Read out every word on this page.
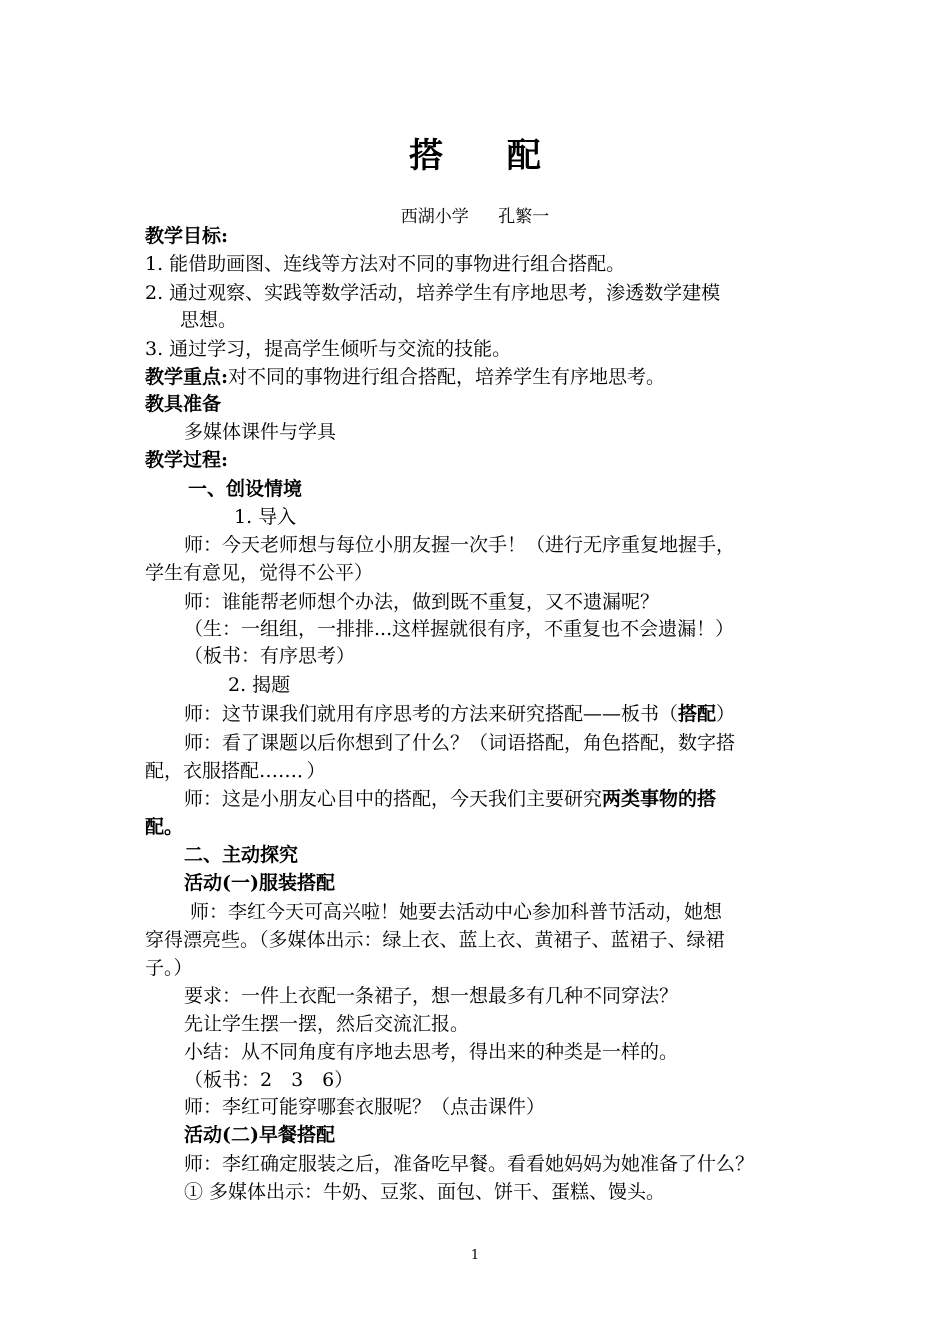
搭 配
西湖小学 孔繁一
教学目标:
1. 能借助画图、连线等方法对不同的事物进行组合搭配。
2. 通过观察、实践等数学活动，培养学生有序地思考，渗透数学建模
思想。
3. 通过学习，提高学生倾听与交流的技能。
教学重点:对不同的事物进行组合搭配，培养学生有序地思考。
教具准备
多媒体课件与学具
教学过程:
一、创设情境
1. 导入
师：今天老师想与每位小朋友握一次手！（进行无序重复地握手，
学生有意见，觉得不公平）
师：谁能帮老师想个办法，做到既不重复，又不遗漏呢？
（生：一组组，一排排...这样握就很有序，不重复也不会遗漏！）
（板书：有序思考）
2. 揭题
师：这节课我们就用有序思考的方法来研究搭配——板书（搭配）
师：看了课题以后你想到了什么？（词语搭配，角色搭配，数字搭
配，衣服搭配……．）
师：这是小朋友心目中的搭配，今天我们主要研究两类事物的搭
配。
二、主动探究
活动(一)服装搭配
师：李红今天可高兴啦！她要去活动中心参加科普节活动，她想
穿得漂亮些。（多媒体出示：绿上衣、蓝上衣、黄裙子、蓝裙子、绿裙
子。）
要求：一件上衣配一条裙子，想一想最多有几种不同穿法？
先让学生摆一摆，然后交流汇报。
小结：从不同角度有序地去思考，得出来的种类是一样的。
（板书：2　3　6）
师：李红可能穿哪套衣服呢？（点击课件）
活动(二)早餐搭配
师：李红确定服装之后，准备吃早餐。看看她妈妈为她准备了什么？
① 多媒体出示：牛奶、豆浆、面包、饼干、蛋糕、馒头。
1
